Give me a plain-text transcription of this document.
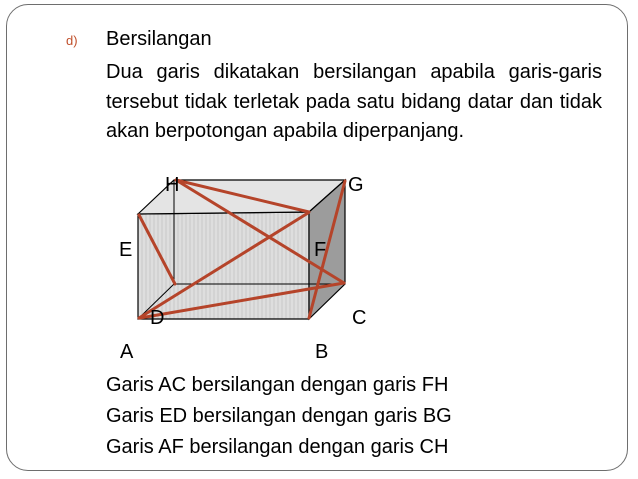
d) Bersilangan
Dua garis dikatakan bersilangan apabila garis-garis tersebut tidak terletak pada satu bidang datar dan tidak akan berpotongan apabila diperpanjang.
H	G
E	F
D	C
A	B
Garis AC bersilangan dengan garis FH
Garis ED bersilangan dengan garis BG
Garis AF bersilangan dengan garis CH
